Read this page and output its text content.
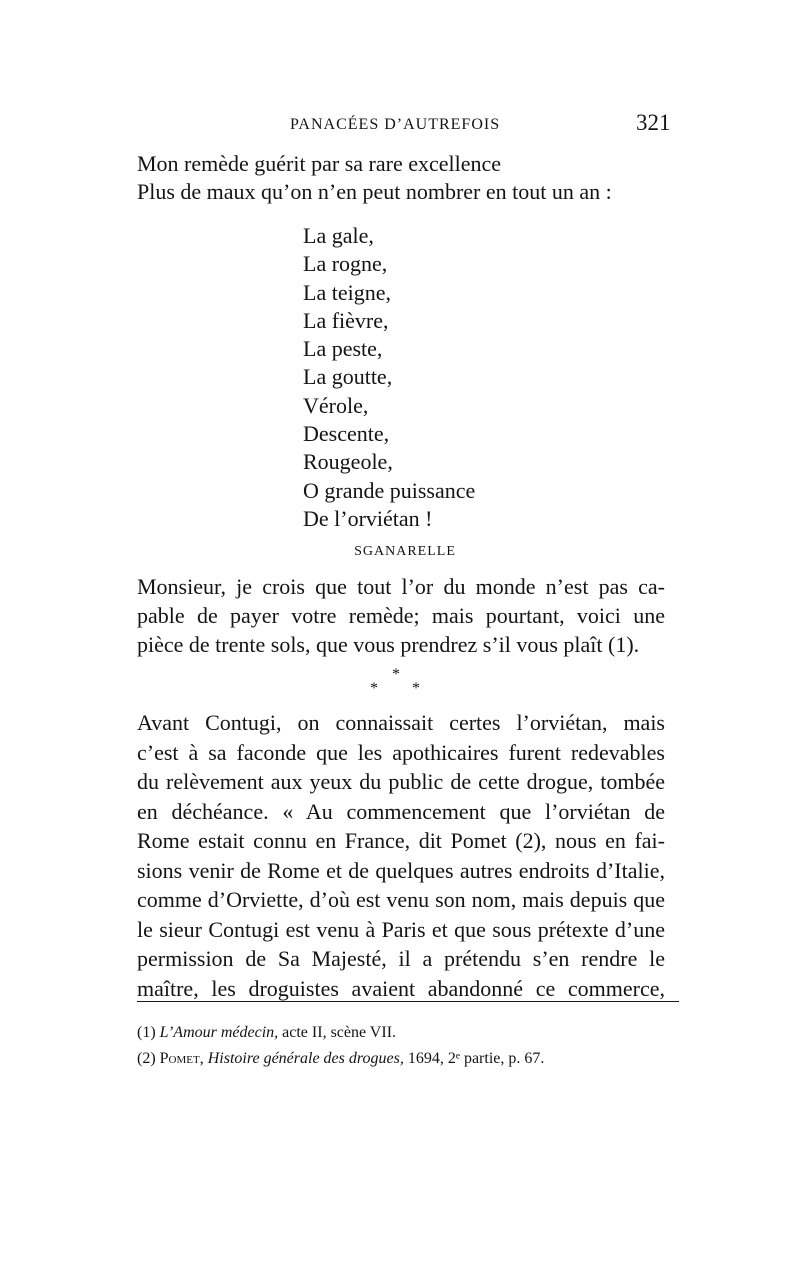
PANACÉES D’AUTREFOIS	321
Mon remède guérit par sa rare excellence
Plus de maux qu’on n’en peut nombrer en tout un an :
La gale,
La rogne,
La teigne,
La fièvre,
La peste,
La goutte,
Vérole,
Descente,
Rougeole,
O grande puissance
De l’orviétan !
SGANARELLE
Monsieur, je crois que tout l’or du monde n’est pas ca-
pable de payer votre remède; mais pourtant, voici une
pièce de trente sols, que vous prendrez s’il vous plaît (1).
*
* *
Avant Contugi, on connaissait certes l’orviétan, mais
c’est à sa faconde que les apothicaires furent redevables
du relèvement aux yeux du public de cette drogue, tombée
en déchéance. « Au commencement que l’orviétan de
Rome estait connu en France, dit Pomet (2), nous en fai-
sions venir de Rome et de quelques autres endroits d’Italie,
comme d’Orviette, d’où est venu son nom, mais depuis que
le sieur Contugi est venu à Paris et que sous prétexte d’une
permission de Sa Majesté, il a prétendu s’en rendre le
maître, les droguistes avaient abandonné ce commerce,
(1) L’Amour médecin, acte II, scène VII.
(2) Pomet, Histoire générale des drogues, 1694, 2ᵉ partie, p. 67.
